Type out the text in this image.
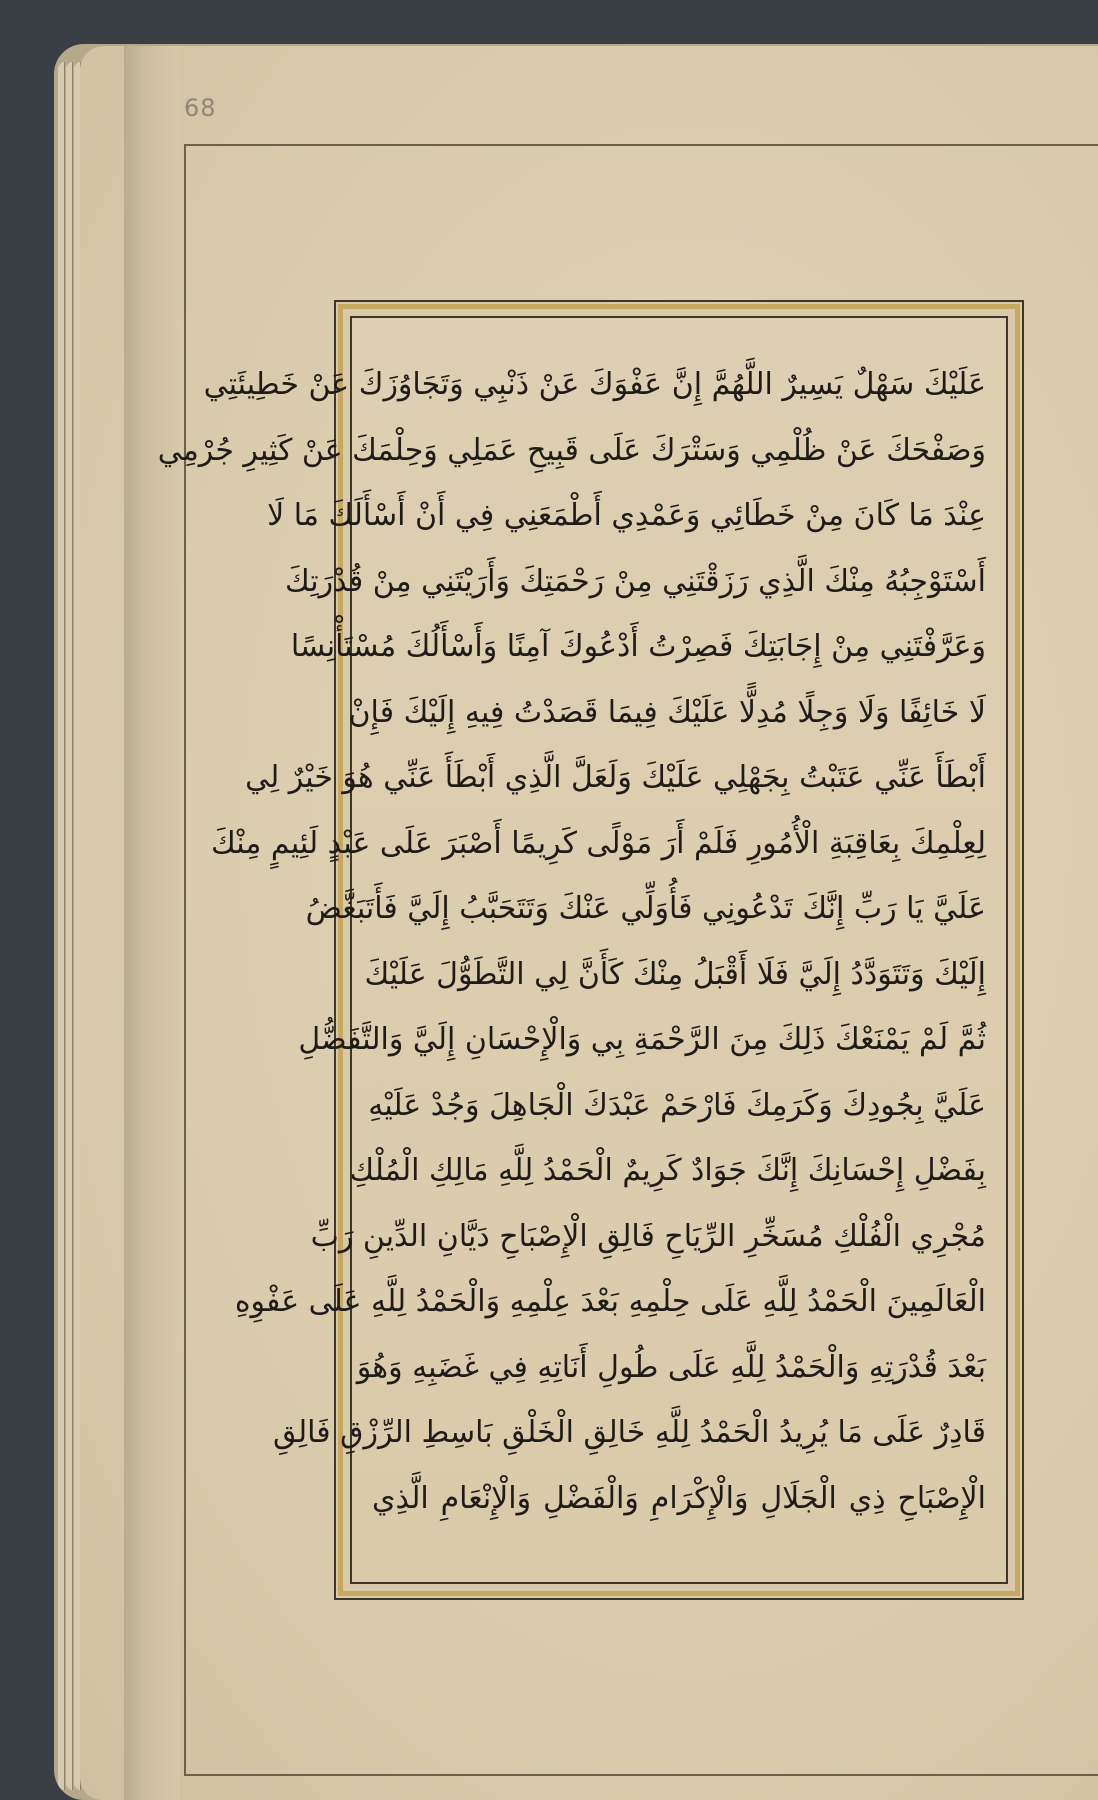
68
عَلَيْكَ سَهْلٌ يَسِيرٌ اللَّهُمَّ إِنَّ عَفْوَكَ عَنْ ذَنْبِي وَتَجَاوُزَكَ عَنْ خَطِيئَتِي
وَصَفْحَكَ عَنْ ظُلْمِي وَسَتْرَكَ عَلَى قَبِيحِ عَمَلِي وَحِلْمَكَ عَنْ كَثِيرِ جُرْمِي
عِنْدَ مَا كَانَ مِنْ خَطَائِي وَعَمْدِي أَطْمَعَنِي فِي أَنْ أَسْأَلَكَ مَا لَا
أَسْتَوْجِبُهُ مِنْكَ الَّذِي رَزَقْتَنِي مِنْ رَحْمَتِكَ وَأَرَيْتَنِي مِنْ قُدْرَتِكَ
وَعَرَّفْتَنِي مِنْ إِجَابَتِكَ فَصِرْتُ أَدْعُوكَ آمِنًا وَأَسْأَلُكَ مُسْتَأْنِسًا
لَا خَائِفًا وَلَا وَجِلًا مُدِلًّا عَلَيْكَ فِيمَا قَصَدْتُ فِيهِ إِلَيْكَ فَإِنْ
أَبْطَأَ عَنِّي عَتَبْتُ بِجَهْلِي عَلَيْكَ وَلَعَلَّ الَّذِي أَبْطَأَ عَنِّي هُوَ خَيْرٌ لِي
لِعِلْمِكَ بِعَاقِبَةِ الْأُمُورِ فَلَمْ أَرَ مَوْلًى كَرِيمًا أَصْبَرَ عَلَى عَبْدٍ لَئِيمٍ مِنْكَ
عَلَيَّ يَا رَبِّ إِنَّكَ تَدْعُونِي فَأُوَلِّي عَنْكَ وَتَتَحَبَّبُ إِلَيَّ فَأَتَبَغَّضُ
إِلَيْكَ وَتَتَوَدَّدُ إِلَيَّ فَلَا أَقْبَلُ مِنْكَ كَأَنَّ لِي التَّطَوُّلَ عَلَيْكَ
ثُمَّ لَمْ يَمْنَعْكَ ذَلِكَ مِنَ الرَّحْمَةِ بِي وَالْإِحْسَانِ إِلَيَّ وَالتَّفَضُّلِ
عَلَيَّ بِجُودِكَ وَكَرَمِكَ فَارْحَمْ عَبْدَكَ الْجَاهِلَ وَجُدْ عَلَيْهِ
بِفَضْلِ إِحْسَانِكَ إِنَّكَ جَوَادٌ كَرِيمٌ الْحَمْدُ لِلَّهِ مَالِكِ الْمُلْكِ
مُجْرِي الْفُلْكِ مُسَخِّرِ الرِّيَاحِ فَالِقِ الْإِصْبَاحِ دَيَّانِ الدِّينِ رَبِّ
الْعَالَمِينَ الْحَمْدُ لِلَّهِ عَلَى حِلْمِهِ بَعْدَ عِلْمِهِ وَالْحَمْدُ لِلَّهِ عَلَى عَفْوِهِ
بَعْدَ قُدْرَتِهِ وَالْحَمْدُ لِلَّهِ عَلَى طُولِ أَنَاتِهِ فِي غَضَبِهِ وَهُوَ
قَادِرٌ عَلَى مَا يُرِيدُ الْحَمْدُ لِلَّهِ خَالِقِ الْخَلْقِ بَاسِطِ الرِّزْقِ فَالِقِ
الْإِصْبَاحِ ذِي الْجَلَالِ وَالْإِكْرَامِ وَالْفَضْلِ وَالْإِنْعَامِ الَّذِي
